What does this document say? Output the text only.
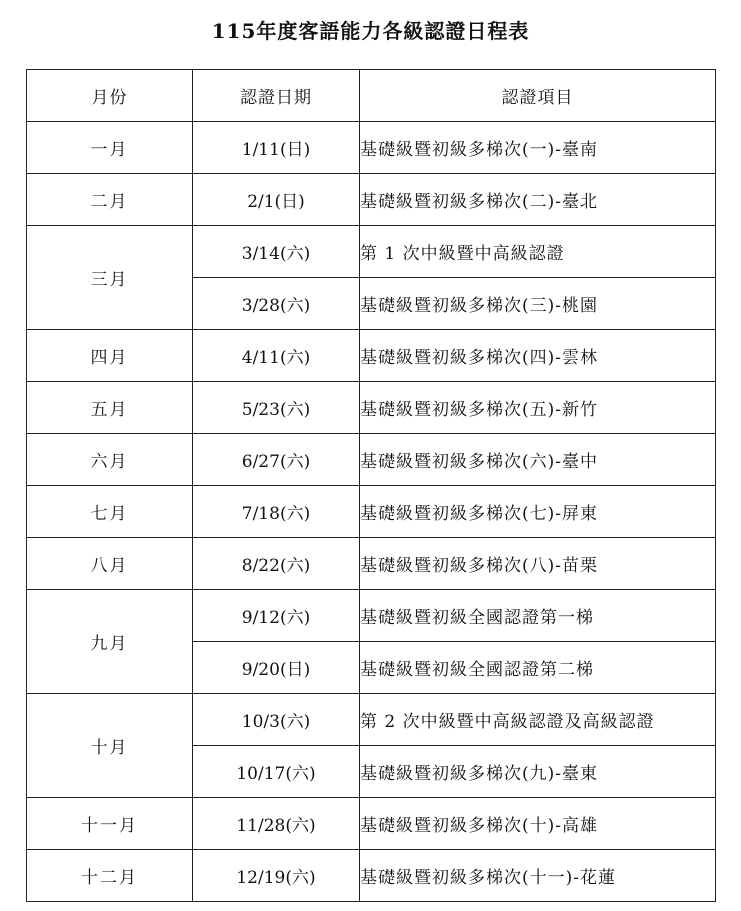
115年度客語能力各級認證日程表
月份	認證日期	認證項目
一月	1/11(日)	基礎級暨初級多梯次(一)-臺南
二月	2/1(日)	基礎級暨初級多梯次(二)-臺北
三月	3/14(六)	第 1 次中級暨中高級認證
	3/28(六)	基礎級暨初級多梯次(三)-桃園
四月	4/11(六)	基礎級暨初級多梯次(四)-雲林
五月	5/23(六)	基礎級暨初級多梯次(五)-新竹
六月	6/27(六)	基礎級暨初級多梯次(六)-臺中
七月	7/18(六)	基礎級暨初級多梯次(七)-屏東
八月	8/22(六)	基礎級暨初級多梯次(八)-苗栗
九月	9/12(六)	基礎級暨初級全國認證第一梯
	9/20(日)	基礎級暨初級全國認證第二梯
十月	10/3(六)	第 2 次中級暨中高級認證及高級認證
	10/17(六)	基礎級暨初級多梯次(九)-臺東
十一月	11/28(六)	基礎級暨初級多梯次(十)-高雄
十二月	12/19(六)	基礎級暨初級多梯次(十一)-花蓮
